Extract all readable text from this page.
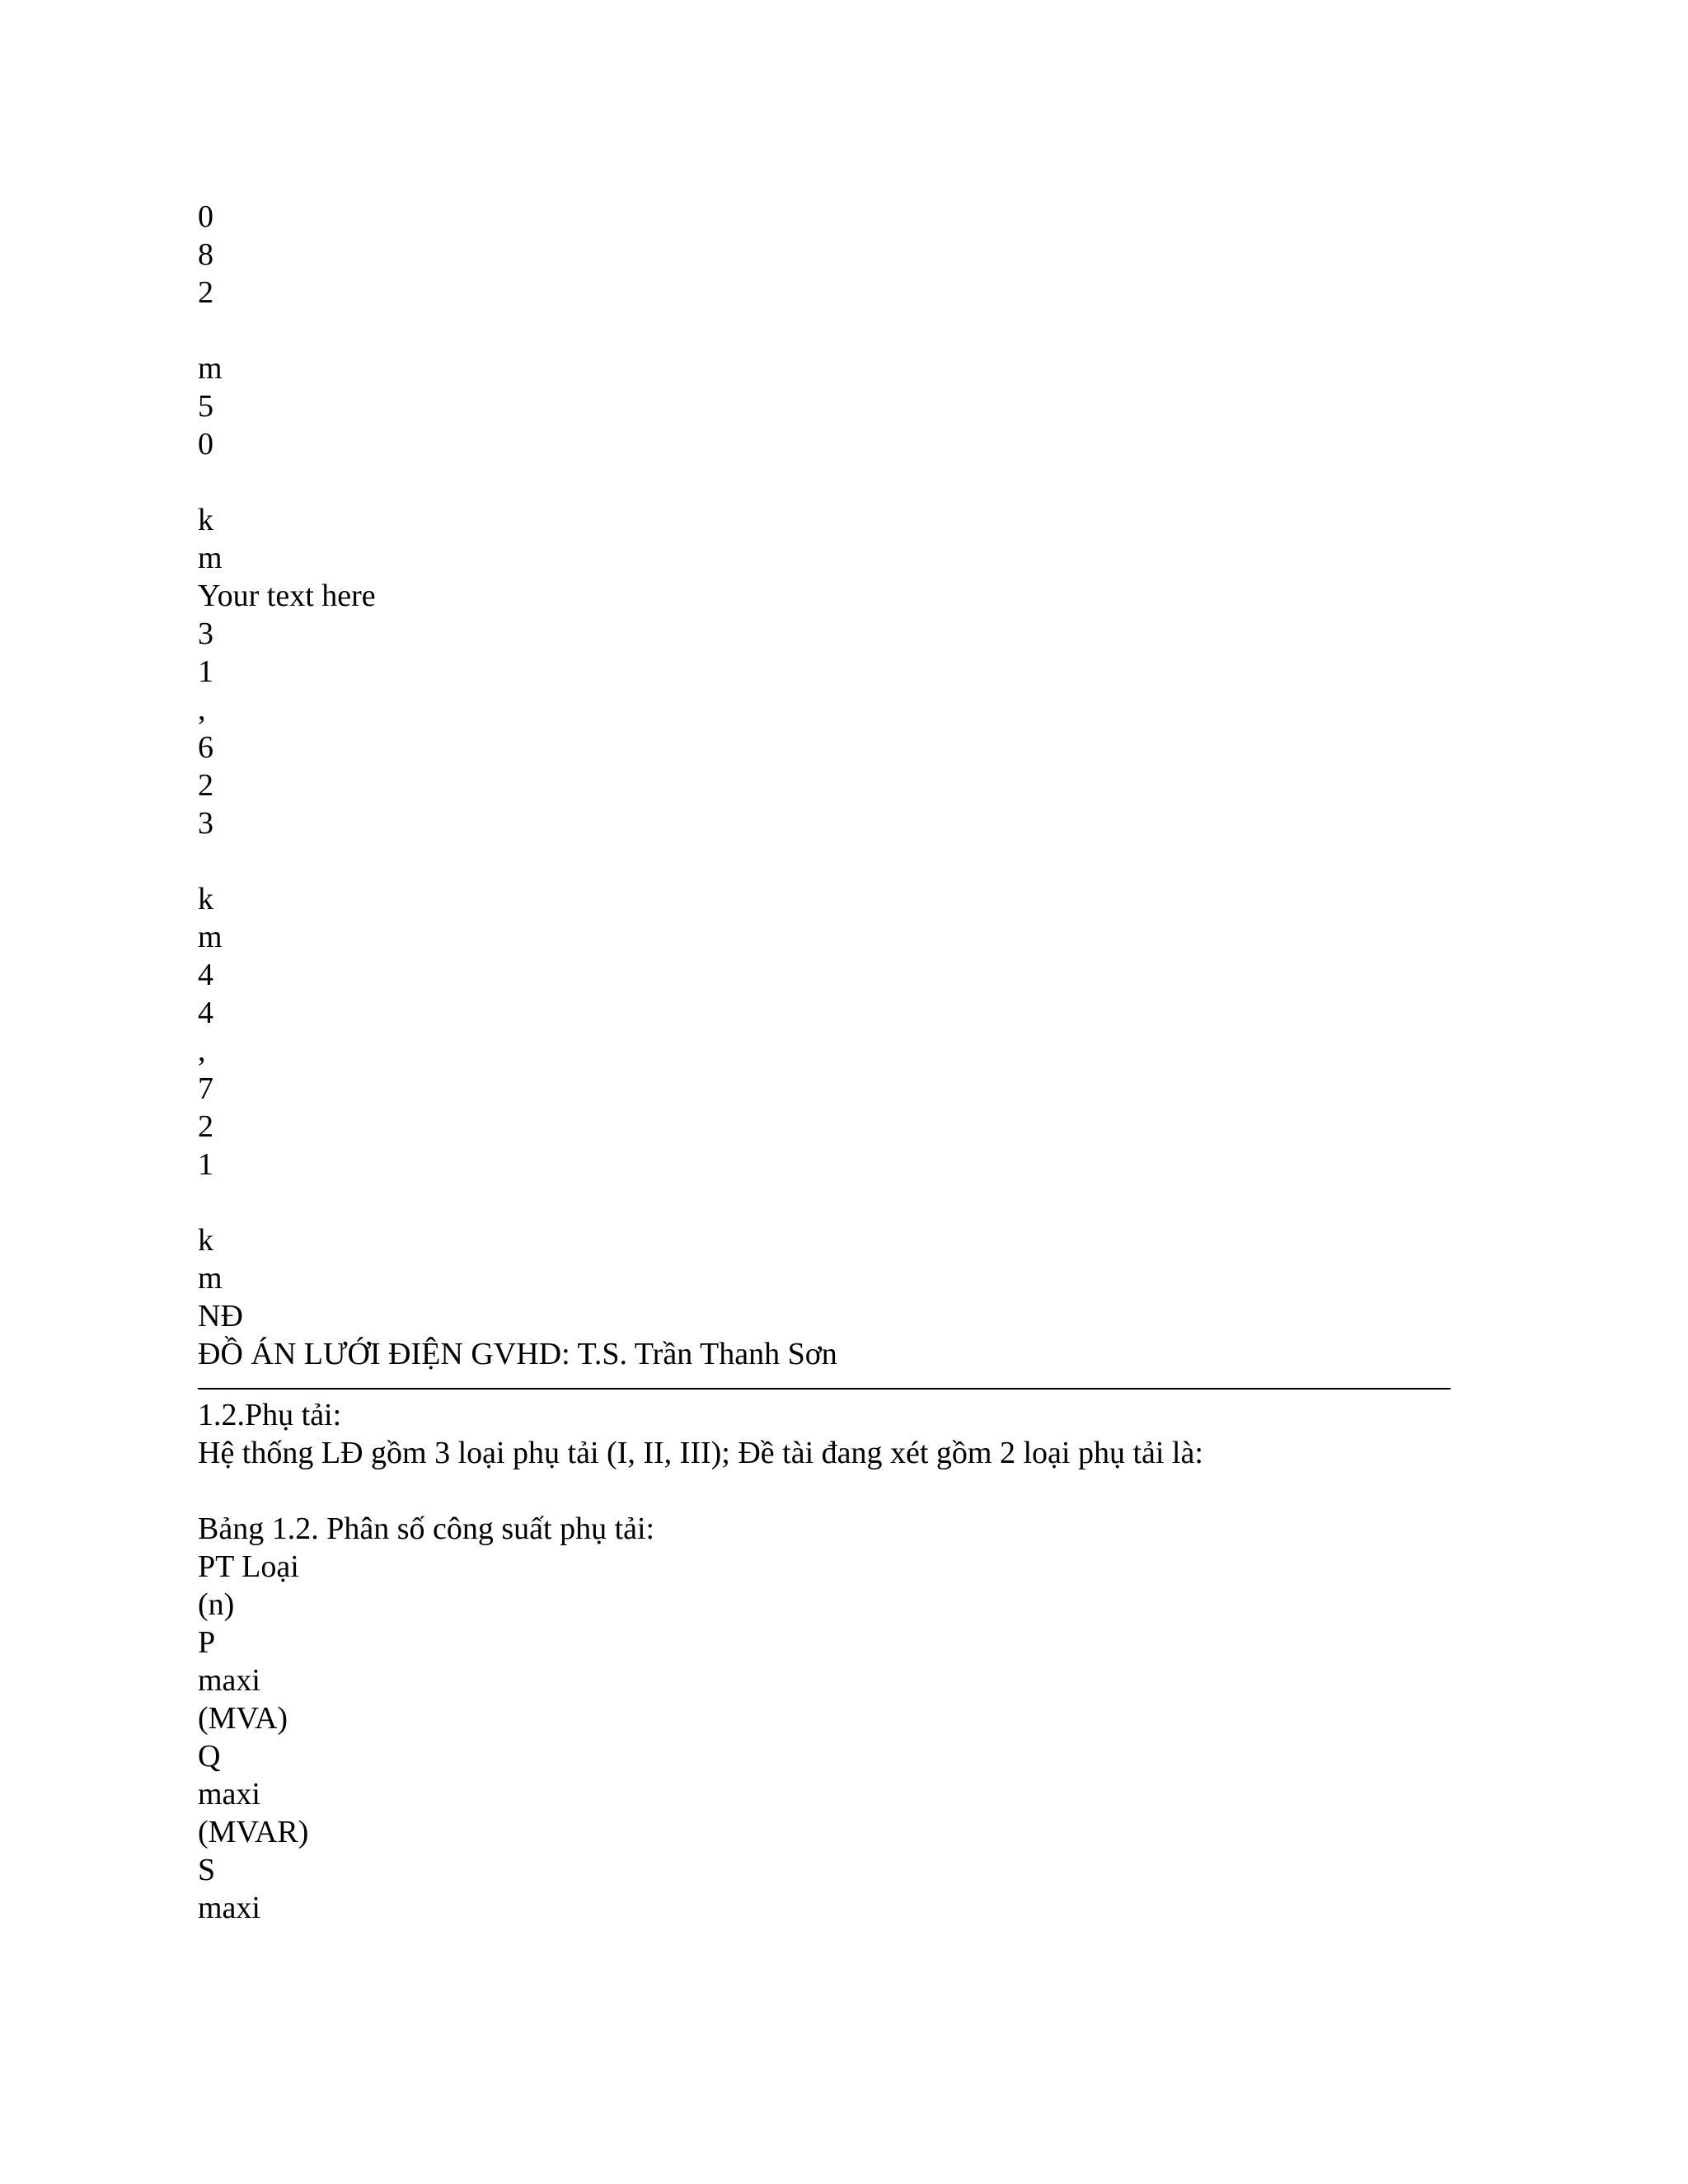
0
8
2
m
5
0
k
m
Your text here
3
1
,
6
2
3
k
m
4
4
,
7
2
1
k
m
NĐ
ĐỒ ÁN LƯỚI ĐIỆN GVHD: T.S. Trần Thanh Sơn
1.2.Phụ tải:
Hệ thống LĐ gồm 3 loại phụ tải (I, II, III); Đề tài đang xét gồm 2 loại phụ tải là:
Bảng 1.2. Phân số công suất phụ tải:
PT Loại
(n)
P
maxi
(MVA)
Q
maxi
(MVAR)
S
maxi
